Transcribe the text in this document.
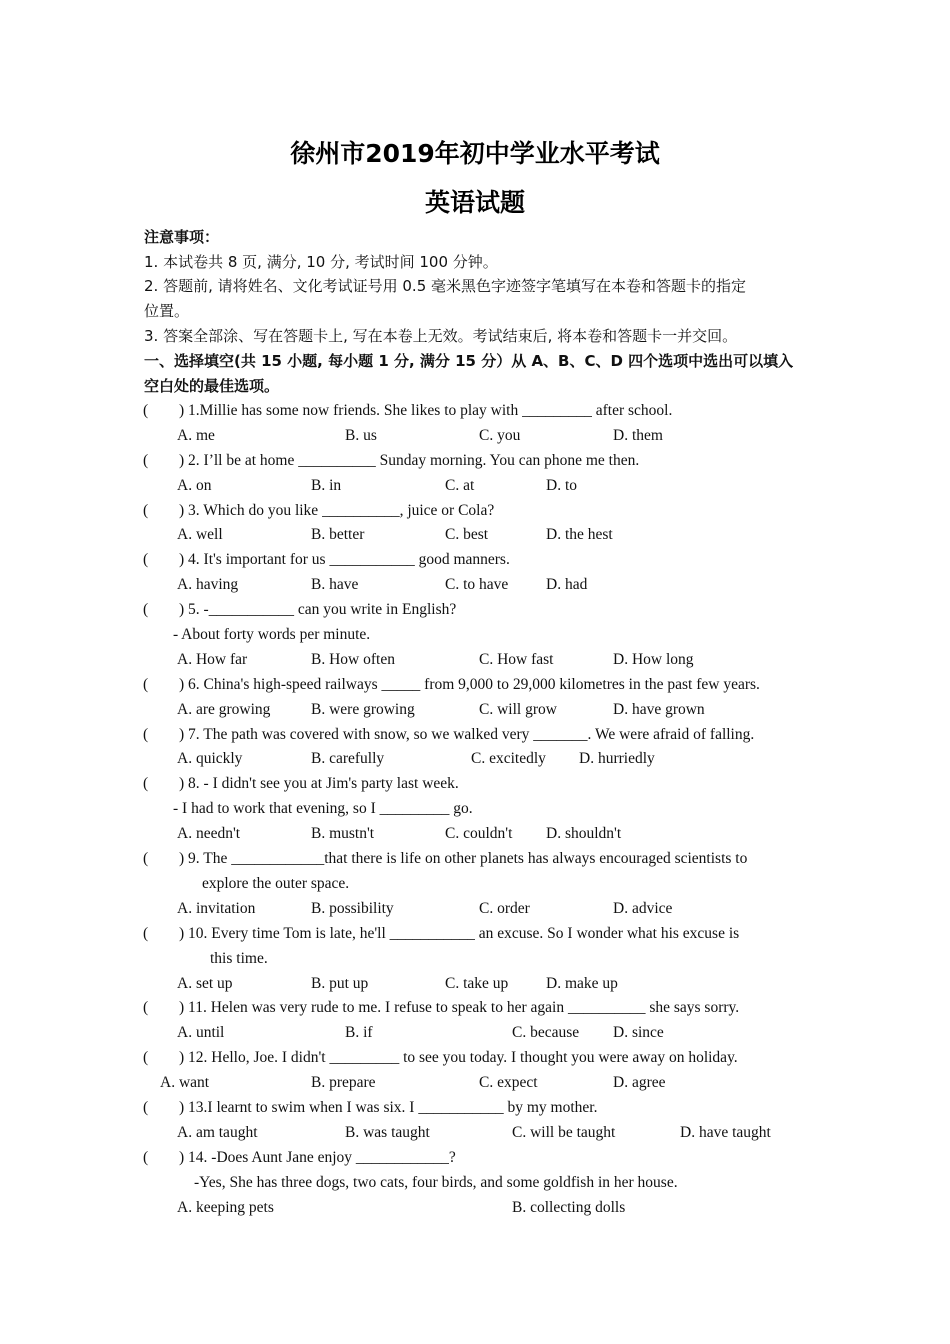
徐州市2019年初中学业水平考试
英语试题
注意事项：
1. 本试卷共 8 页, 满分, 10 分, 考试时间 100 分钟。
2. 答题前, 请将姓名、文化考试证号用 0.5 毫米黑色字迹签字笔填写在本卷和答题卡的指定
位置。
3. 答案全部涂、写在答题卡上, 写在本卷上无效。考试结束后, 将本卷和答题卡一并交回。
一、选择填空(共 15 小题, 每小题 1 分, 满分 15 分）从 A、B、C、D 四个选项中选出可以填入
空白处的最佳选项。
( ) 1.Millie has some now friends. She likes to play with _________ after school.
A. me	B. us	C. you	D. them
( ) 2. I’ll be at home __________ Sunday morning. You can phone me then.
A. on	B. in	C. at	D. to
( ) 3. Which do you like __________, juice or Cola?
A. well	B. better	C. best	D. the hest
( ) 4. It's important for us ___________ good manners.
A. having	B. have	C. to have D. had
( ) 5. -___________ can you write in English?
- About forty words per minute.
A. How far	B. How often	C. How fast	D. How long
( ) 6. China's high-speed railways _____ from 9,000 to 29,000 kilometres in the past few years.
A. are growing	B. were growing	C. will grow	D. have grown
( ) 7. The path was covered with snow, so we walked very _______. We were afraid of falling.
A. quickly	B. carefully	C. excitedly D. hurriedly
( ) 8. - I didn't see you at Jim's party last week.
- I had to work that evening, so I _________ go.
A. needn't	B. mustn't	C. couldn't D. shouldn't
( ) 9. The ____________that there is life on other planets has always encouraged scientists to
explore the outer space.
A. invitation	B. possibility	C. order	D. advice
( ) 10. Every time Tom is late, he'll ___________ an excuse. So I wonder what his excuse is
this time.
A. set up	B. put up	C. take up D. make up
( ) 11. Helen was very rude to me. I refuse to speak to her again __________ she says sorry.
A. until	B. if	C. because D. since
( ) 12. Hello, Joe. I didn't _________ to see you today. I thought you were away on holiday.
A. want	B. prepare	C. expect	D. agree
( ) 13.I learnt to swim when I was six. I ___________ by my mother.
A. am taught	B. was taught	C. will be taught	D. have taught
( ) 14. -Does Aunt Jane enjoy ____________?
-Yes, She has three dogs, two cats, four birds, and some goldfish in her house.
A. keeping pets	B. collecting dolls
